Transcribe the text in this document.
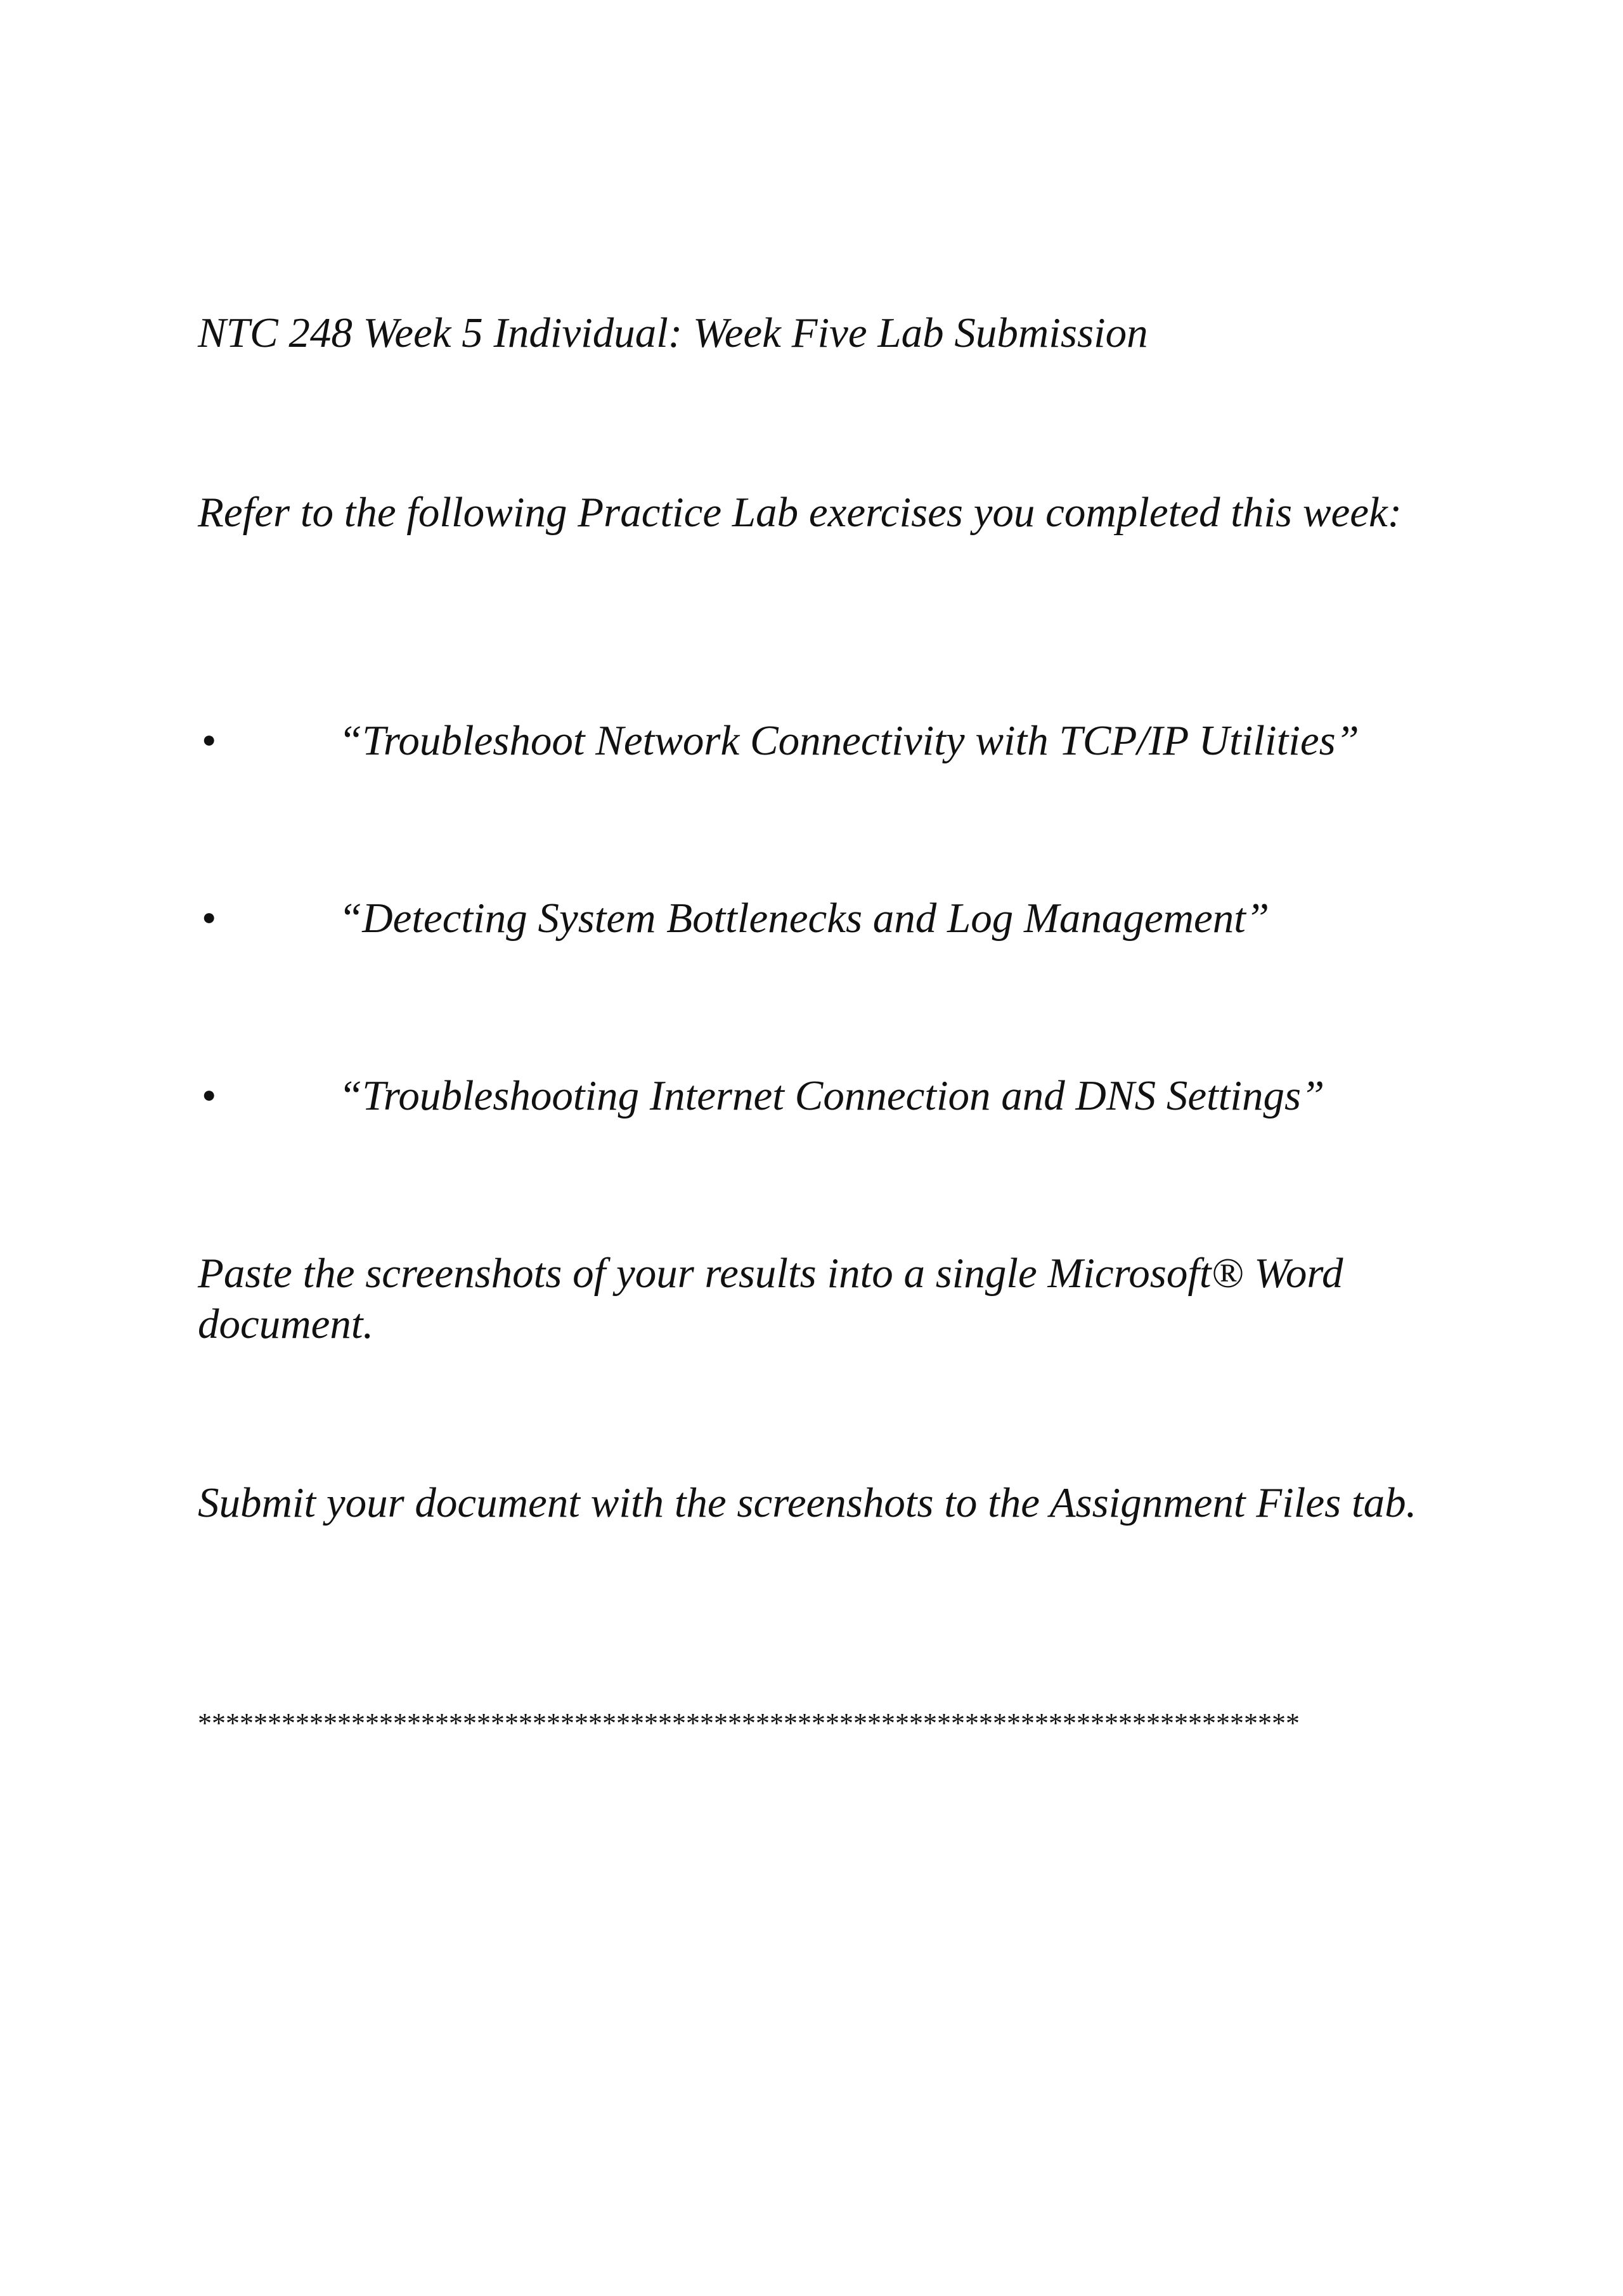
NTC 248 Week 5 Individual: Week Five Lab Submission

Refer to the following Practice Lab exercises you completed this week:

•	“Troubleshoot Network Connectivity with TCP/IP Utilities”
•	“Detecting System Bottlenecks and Log Management”
•	“Troubleshooting Internet Connection and DNS Settings”

Paste the screenshots of your results into a single Microsoft® Word document.

Submit your document with the screenshots to the Assignment Files tab.

*******************************************************************************
